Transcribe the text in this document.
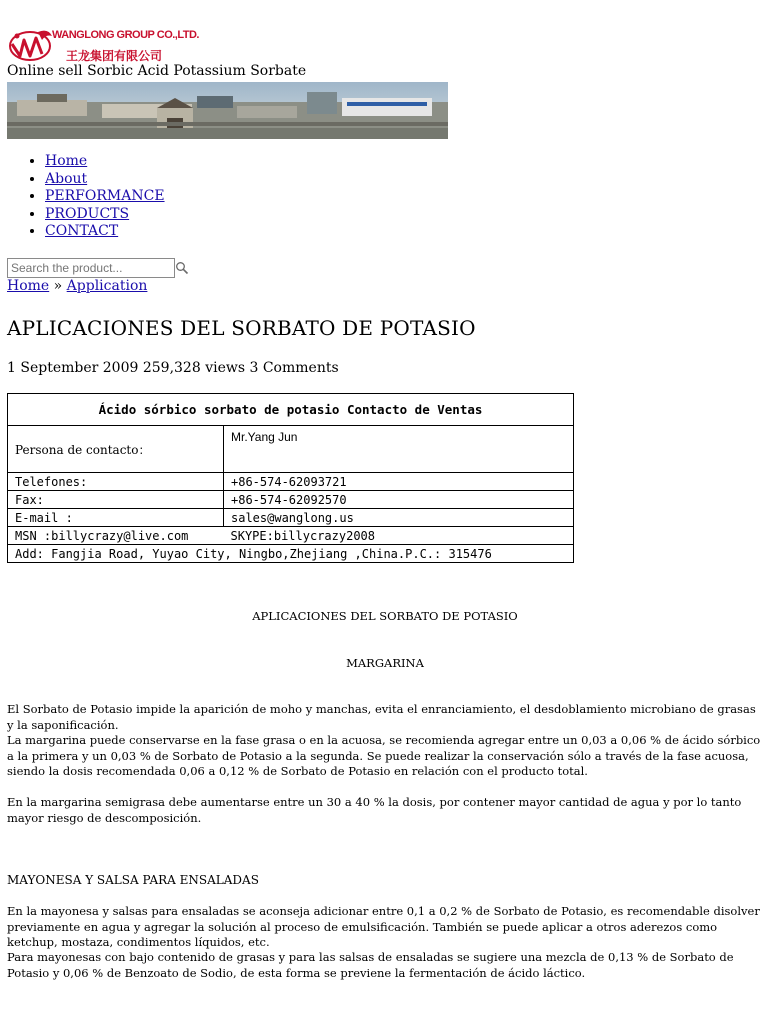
WANGLONG GROUP CO.,LTD.
王龙集团有限公司
Online sell Sorbic Acid Potassium Sorbate
• Home
• About
• PERFORMANCE
• PRODUCTS
• CONTACT
Search the product...
Home » Application
APLICACIONES DEL SORBATO DE POTASIO
1 September 2009 259,328 views 3 Comments
Ácido sórbico sorbato de potasio Contacto de Ventas	
Persona de contacto：	Mr.Yang Jun
Telefones:	+86-574-62093721
Fax:	+86-574-62092570
E-mail :	sales@wanglong.us
MSN :billycrazy@live.com	SKYPE:billycrazy2008
Add: Fangjia Road, Yuyao City, Ningbo,Zhejiang ,China.P.C.: 315476	
APLICACIONES DEL SORBATO DE POTASIO
MARGARINA
El Sorbato de Potasio impide la aparición de moho y manchas, evita el enranciamiento, el desdoblamiento microbiano de grasas y la saponificación.
La margarina puede conservarse en la fase grasa o en la acuosa, se recomienda agregar entre un 0,03 a 0,06 % de ácido sórbico a la primera y un 0,03 % de Sorbato de Potasio a la segunda. Se puede realizar la conservación sólo a través de la fase acuosa, siendo la dosis recomendada 0,06 a 0,12 % de Sorbato de Potasio en relación con el producto total.
En la margarina semigrasa debe aumentarse entre un 30 a 40 % la dosis, por contener mayor cantidad de agua y por lo tanto mayor riesgo de descomposición.
MAYONESA Y SALSA PARA ENSALADAS
En la mayonesa y salsas para ensaladas se aconseja adicionar entre 0,1 a 0,2 % de Sorbato de Potasio, es recomendable disolver previamente en agua y agregar la solución al proceso de emulsificación. También se puede aplicar a otros aderezos como ketchup, mostaza, condimentos líquidos, etc.
Para mayonesas con bajo contenido de grasas y para las salsas de ensaladas se sugiere una mezcla de 0,13 % de Sorbato de Potasio y 0,06 % de Benzoato de Sodio, de esta forma se previene la fermentación de ácido láctico.
